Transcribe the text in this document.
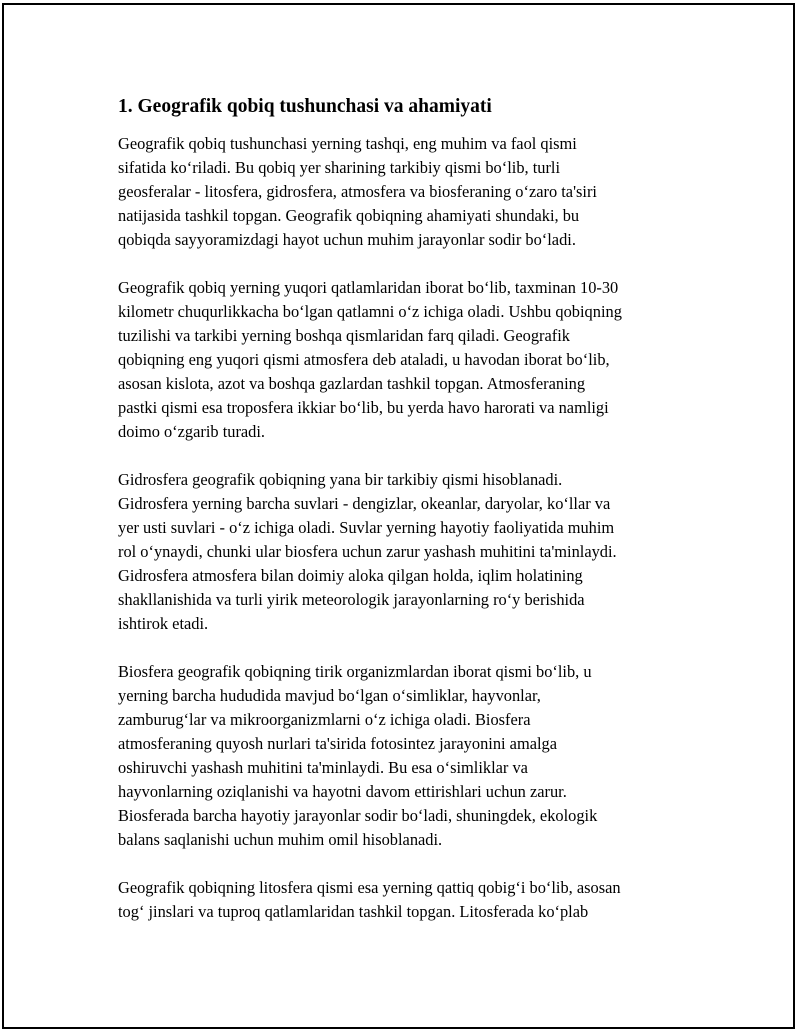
1. Geografik qobiq tushunchasi va ahamiyati

Geografik qobiq tushunchasi yerning tashqi, eng muhim va faol qismi
sifatida ko‘riladi. Bu qobiq yer sharining tarkibiy qismi bo‘lib, turli
geosferalar - litosfera, gidrosfera, atmosfera va biosferaning o‘zaro ta'siri
natijasida tashkil topgan. Geografik qobiqning ahamiyati shundaki, bu
qobiqda sayyoramizdagi hayot uchun muhim jarayonlar sodir bo‘ladi.

Geografik qobiq yerning yuqori qatlamlaridan iborat bo‘lib, taxminan 10-30
kilometr chuqurlikkacha bo‘lgan qatlamni o‘z ichiga oladi. Ushbu qobiqning
tuzilishi va tarkibi yerning boshqa qismlaridan farq qiladi. Geografik
qobiqning eng yuqori qismi atmosfera deb ataladi, u havodan iborat bo‘lib,
asosan kislota, azot va boshqa gazlardan tashkil topgan. Atmosferaning
pastki qismi esa troposfera ikkiar bo‘lib, bu yerda havo harorati va namligi
doimo o‘zgarib turadi.

Gidrosfera geografik qobiqning yana bir tarkibiy qismi hisoblanadi.
Gidrosfera yerning barcha suvlari - dengizlar, okeanlar, daryolar, ko‘llar va
yer usti suvlari - o‘z ichiga oladi. Suvlar yerning hayotiy faoliyatida muhim
rol o‘ynaydi, chunki ular biosfera uchun zarur yashash muhitini ta'minlaydi.
Gidrosfera atmosfera bilan doimiy aloka qilgan holda, iqlim holatining
shakllanishida va turli yirik meteorologik jarayonlarning ro‘y berishida
ishtirok etadi.

Biosfera geografik qobiqning tirik organizmlardan iborat qismi bo‘lib, u
yerning barcha hududida mavjud bo‘lgan o‘simliklar, hayvonlar,
zamburug‘lar va mikroorganizmlarni o‘z ichiga oladi. Biosfera
atmosferaning quyosh nurlari ta'sirida fotosintez jarayonini amalga
oshiruvchi yashash muhitini ta'minlaydi. Bu esa o‘simliklar va
hayvonlarning oziqlanishi va hayotni davom ettirishlari uchun zarur.
Biosferada barcha hayotiy jarayonlar sodir bo‘ladi, shuningdek, ekologik
balans saqlanishi uchun muhim omil hisoblanadi.

Geografik qobiqning litosfera qismi esa yerning qattiq qobig‘i bo‘lib, asosan
tog‘ jinslari va tuproq qatlamlaridan tashkil topgan. Litosferada ko‘plab
